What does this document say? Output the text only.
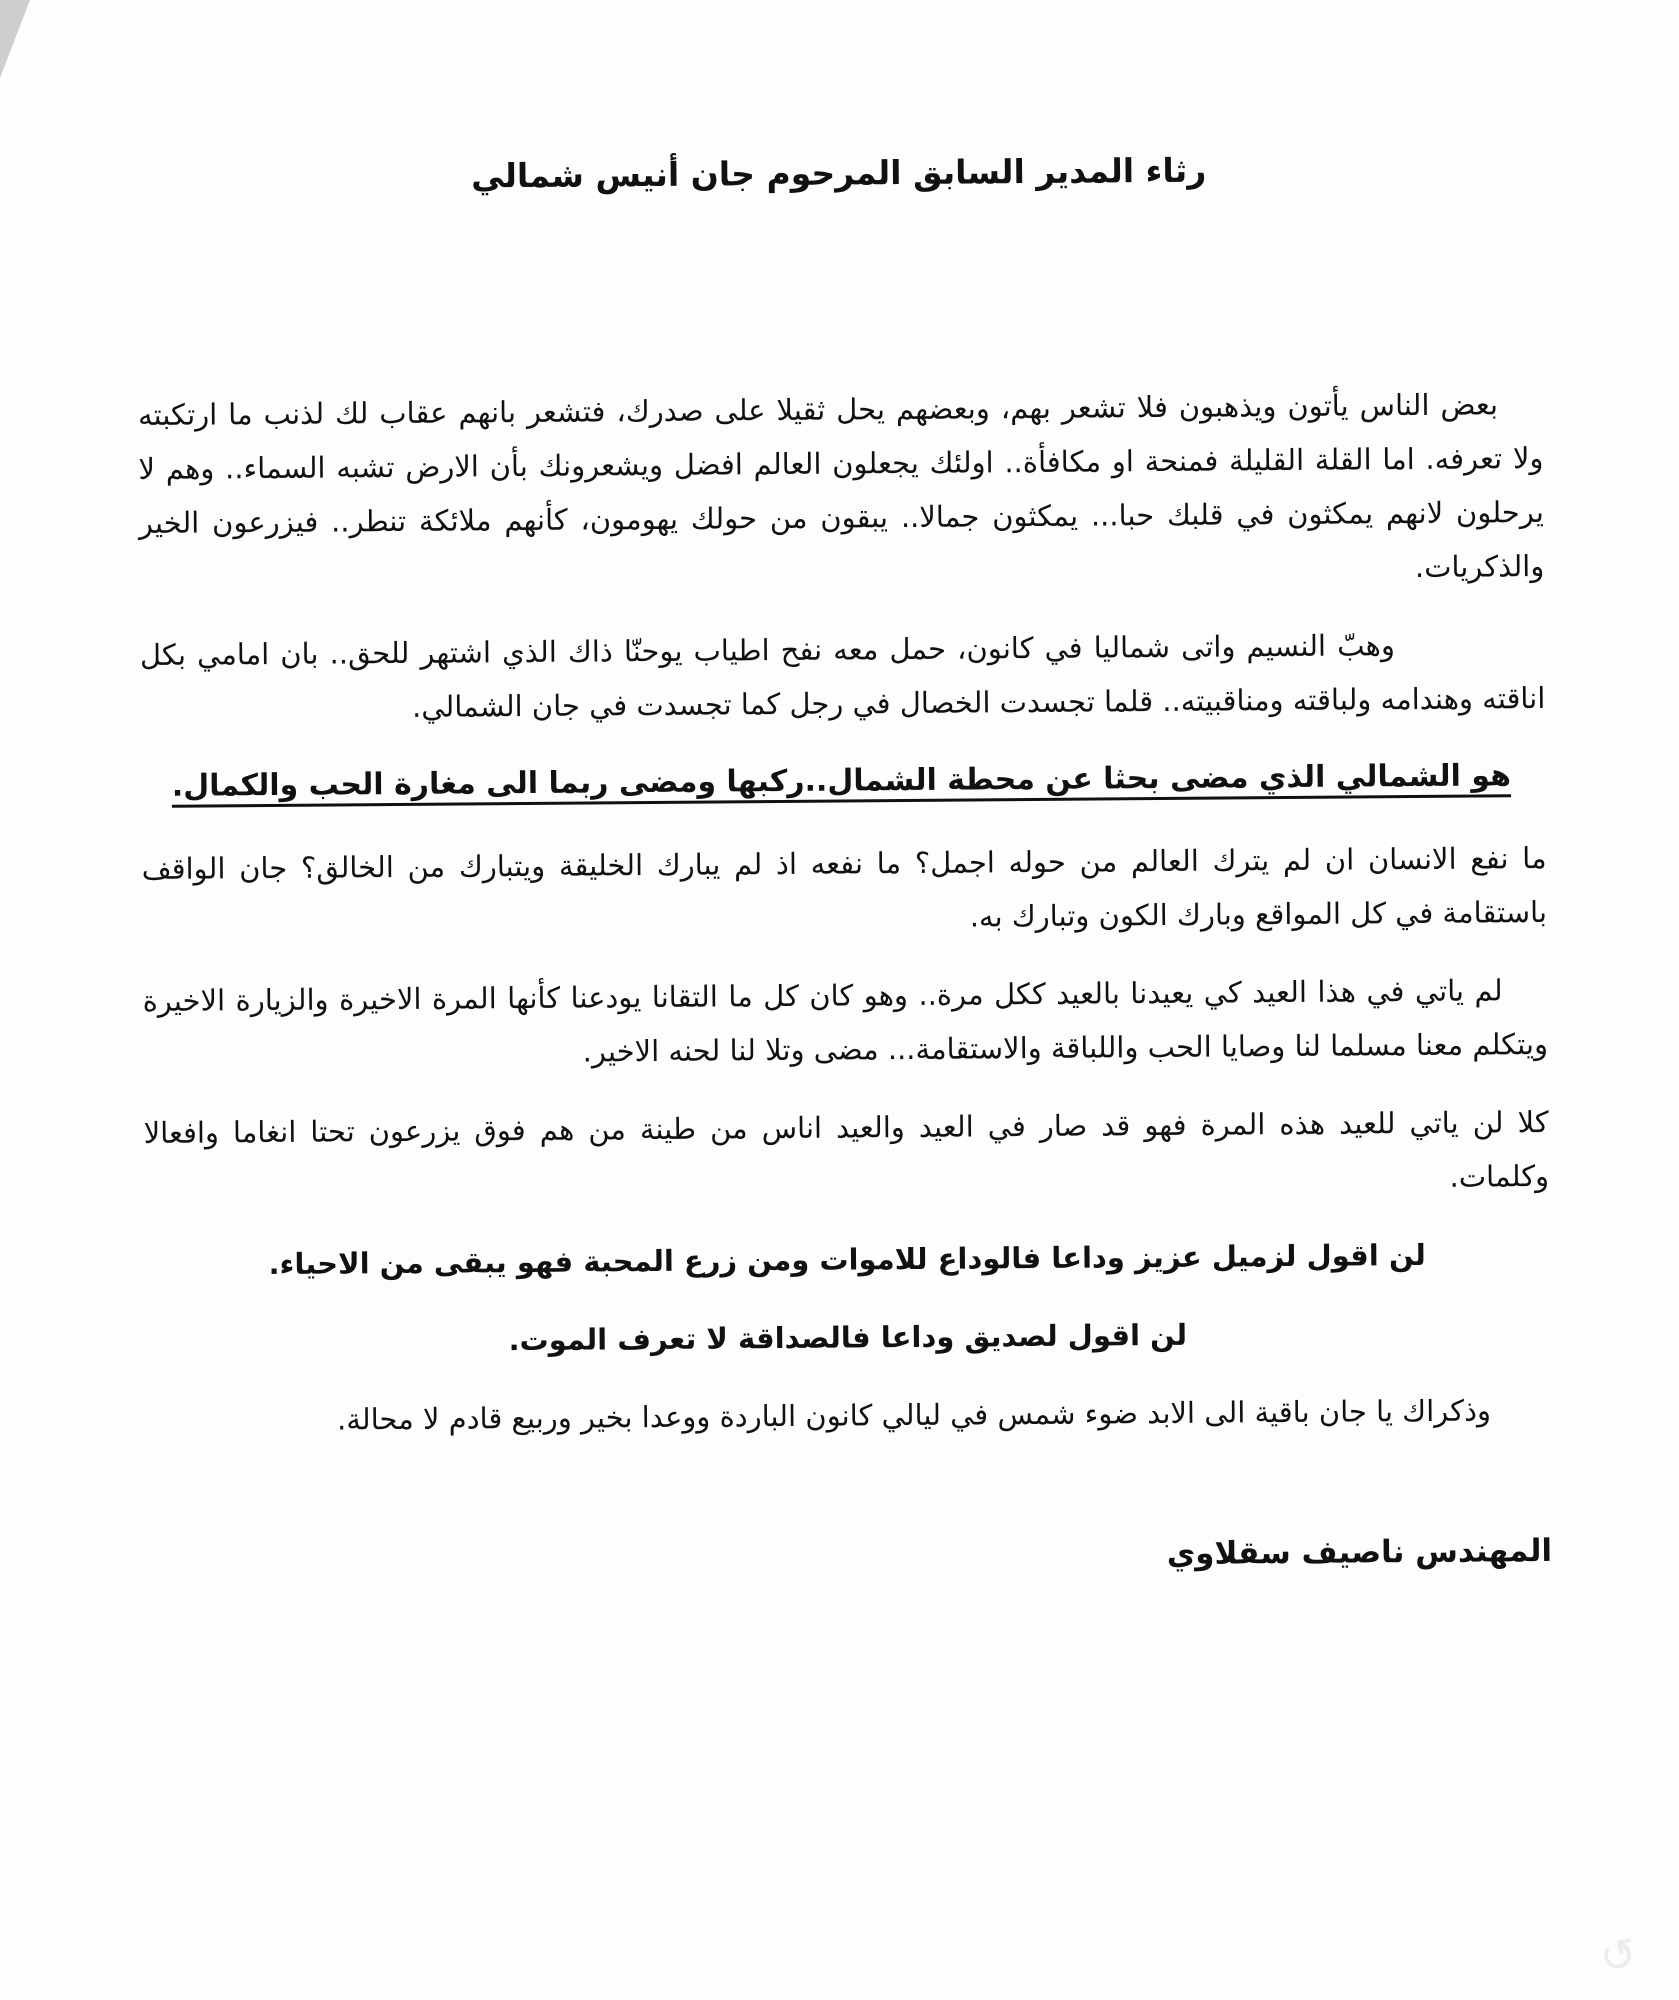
رثاء المدير السابق المرحوم جان أنيس شمالي

بعض الناس يأتون ويذهبون فلا تشعر بهم، وبعضهم يحل ثقيلا على صدرك، فتشعر بانهم عقاب لك لذنب ما ارتكبته ولا تعرفه. اما القلة القليلة فمنحة او مكافأة.. اولئك يجعلون العالم افضل ويشعرونك بأن الارض تشبه السماء.. وهم لا يرحلون لانهم يمكثون في قلبك حبا... يمكثون جمالا.. يبقون من حولك يهومون، كأنهم ملائكة تنطر.. فيزرعون الخير والذكريات.

وهبّ النسيم واتى شماليا في كانون، حمل معه نفح اطياب يوحنّا ذاك الذي اشتهر للحق.. بان امامي بكل اناقته وهندامه ولباقته ومناقبيته.. قلما تجسدت الخصال في رجل كما تجسدت في جان الشمالي.

هو الشمالي الذي مضى بحثا عن محطة الشمال..ركبها ومضى ربما الى مغارة الحب والكمال.

ما نفع الانسان ان لم يترك العالم من حوله اجمل؟ ما نفعه اذ لم يبارك الخليقة ويتبارك من الخالق؟ جان الواقف باستقامة في كل المواقع وبارك الكون وتبارك به.

لم ياتي في هذا العيد كي يعيدنا بالعيد ككل مرة.. وهو كان كل ما التقانا يودعنا كأنها المرة الاخيرة والزيارة الاخيرة ويتكلم معنا مسلما لنا وصايا الحب واللباقة والاستقامة... مضى وتلا لنا لحنه الاخير.

كلا لن ياتي للعيد هذه المرة فهو قد صار في العيد والعيد اناس من طينة من هم فوق يزرعون تحتا انغاما وافعالا وكلمات.

لن اقول لزميل عزيز وداعا فالوداع للاموات ومن زرع المحبة فهو يبقى من الاحياء.

لن اقول لصديق وداعا فالصداقة لا تعرف الموت.

وذكراك يا جان باقية الى الابد ضوء شمس في ليالي كانون الباردة ووعدا بخير وربيع قادم لا محالة.

المهندس ناصيف سقلاوي

↺
